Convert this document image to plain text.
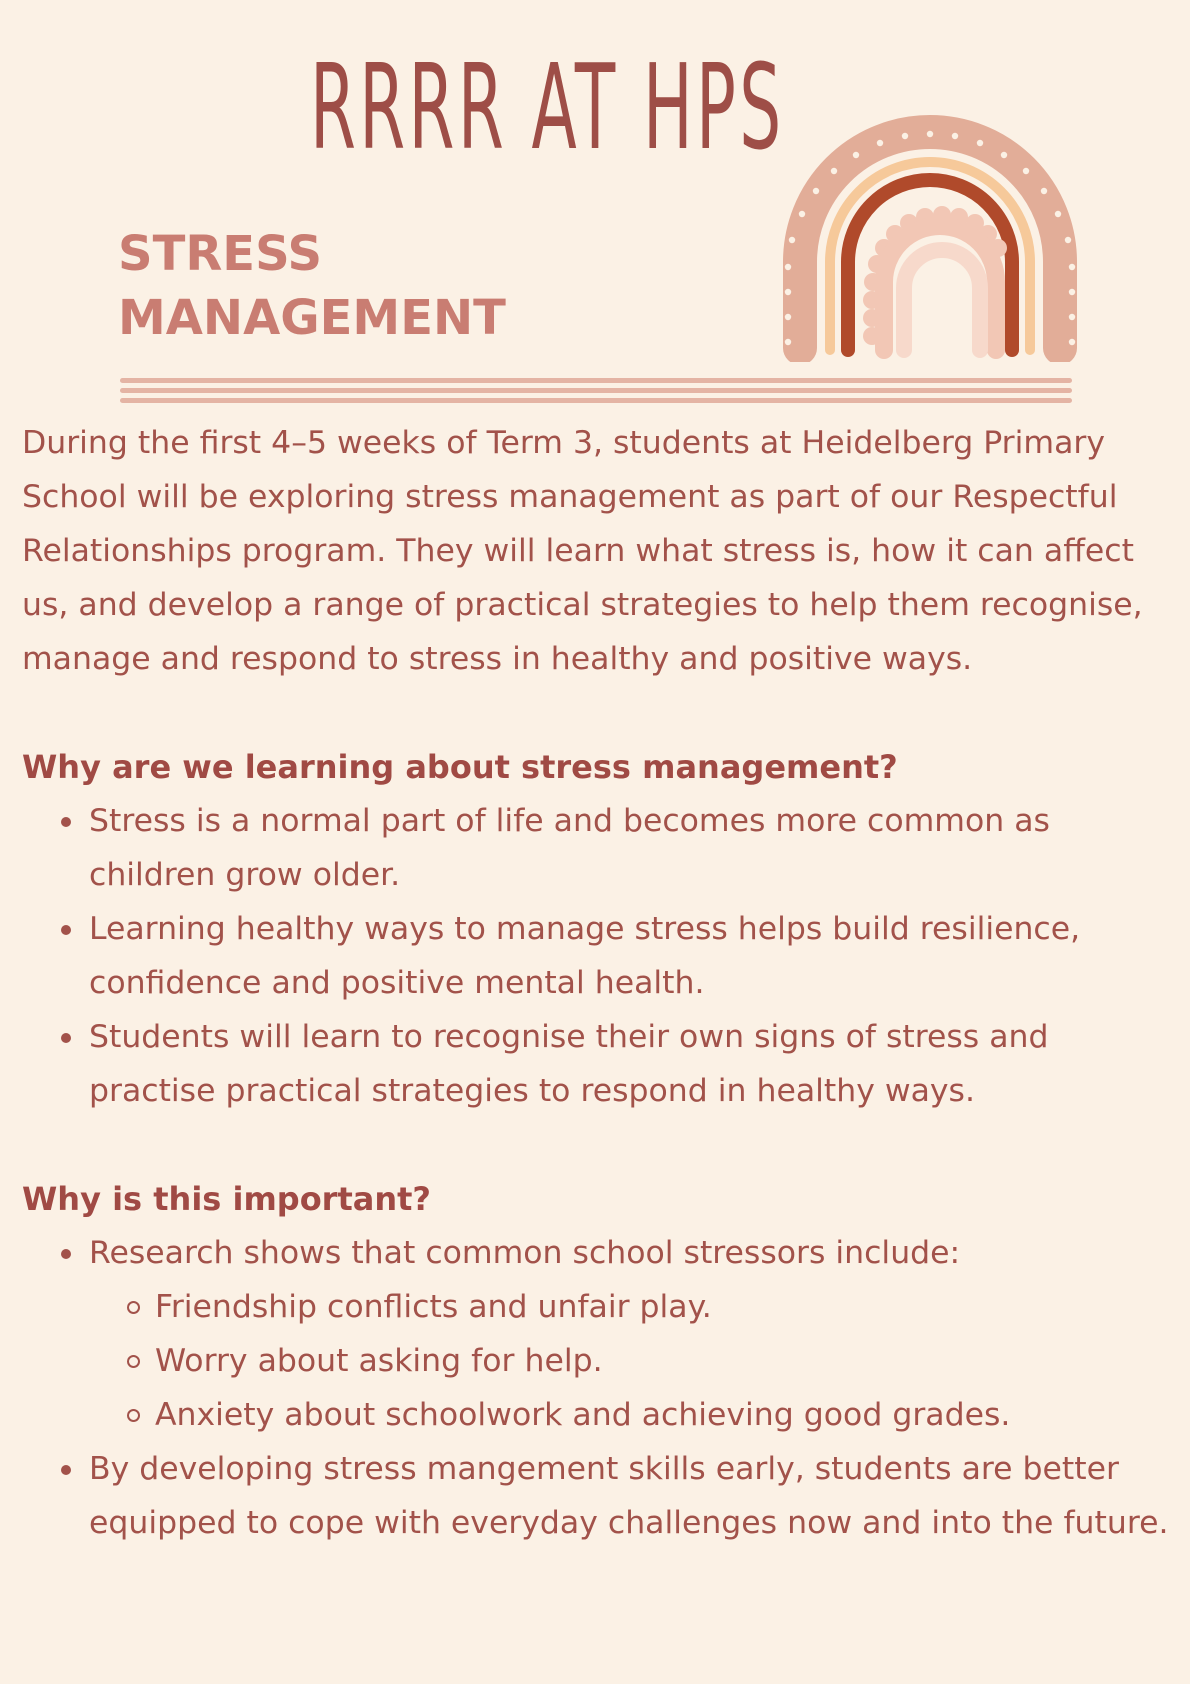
RRRR AT HPS
STRESS
MANAGEMENT

During the first 4–5 weeks of Term 3, students at Heidelberg Primary School will be exploring stress management as part of our Respectful Relationships program. They will learn what stress is, how it can affect us, and develop a range of practical strategies to help them recognise, manage and respond to stress in healthy and positive ways.

Why are we learning about stress management?
Stress is a normal part of life and becomes more common as children grow older.
Learning healthy ways to manage stress helps build resilience, confidence and positive mental health.
Students will learn to recognise their own signs of stress and practise practical strategies to respond in healthy ways.
Why is this important?
Research shows that common school stressors include:
Friendship conflicts and unfair play.
Worry about asking for help.
Anxiety about schoolwork and achieving good grades.
By developing stress mangement skills early, students are better equipped to cope with everyday challenges now and into the future.
